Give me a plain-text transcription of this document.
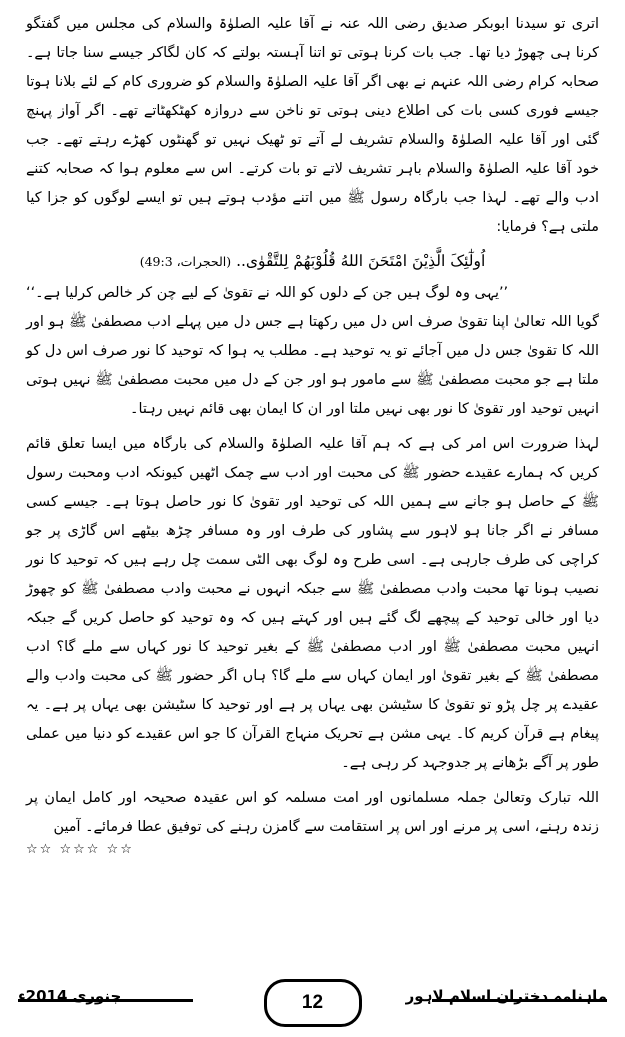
اتری تو سیدنا ابوبکر صدیق رضی اللہ عنہ نے آقا علیہ الصلوٰۃ والسلام کی مجلس میں گفتگو کرنا ہی چھوڑ دیا تھا۔ جب بات کرنا ہوتی تو اتنا آہستہ بولتے کہ کان لگاکر جیسے سنا جاتا ہے۔ صحابہ کرام رضی اللہ عنہم نے بھی اگر آقا علیہ الصلوٰۃ والسلام کو ضروری کام کے لئے بلانا ہوتا جیسے فوری کسی بات کی اطلاع دینی ہوتی تو ناخن سے دروازہ کھٹکھٹاتے تھے۔ اگر آواز پہنچ گئی اور آقا علیہ الصلوٰۃ والسلام تشریف لے آتے تو ٹھیک نہیں تو گھنٹوں کھڑے رہتے تھے۔ جب خود آقا علیہ الصلوٰۃ والسلام باہر تشریف لاتے تو بات کرتے۔ اس سے معلوم ہوا کہ صحابہ کتنے ادب والے تھے۔ لہذا جب بارگاہ رسول ﷺ میں اتنے مؤدب ہوتے ہیں تو ایسے لوگوں کو جزا کیا ملتی ہے؟ فرمایا:

اُولٰٓئِکَ الَّذِیْنَ امْتَحَنَ اللهُ قُلُوْبَهُمْ لِلتَّقْوٰی.. (الحجرات، 49:3)

’’یہی وہ لوگ ہیں جن کے دلوں کو اللہ نے تقویٰ کے لیے چن کر خالص کرلیا ہے۔‘‘

گویا اللہ تعالیٰ اپنا تقویٰ صرف اس دل میں رکھتا ہے جس دل میں پہلے ادب مصطفیٰ ﷺ ہو اور اللہ کا تقویٰ جس دل میں آجائے تو یہ توحید ہے۔ مطلب یہ ہوا کہ توحید کا نور صرف اس دل کو ملتا ہے جو محبت مصطفیٰ ﷺ سے مامور ہو اور جن کے دل میں محبت مصطفیٰ ﷺ نہیں ہوتی انہیں توحید اور تقویٰ کا نور بھی نہیں ملتا اور ان کا ایمان بھی قائم نہیں رہتا۔

لہذا ضرورت اس امر کی ہے کہ ہم آقا علیہ الصلوٰۃ والسلام کی بارگاہ میں ایسا تعلق قائم کریں کہ ہمارے عقیدے حضور ﷺ کی محبت اور ادب سے چمک اٹھیں کیونکہ ادب ومحبت رسول ﷺ کے حاصل ہو جانے سے ہمیں اللہ کی توحید اور تقویٰ کا نور حاصل ہوتا ہے۔ جیسے کسی مسافر نے اگر جانا ہو لاہور سے پشاور کی طرف اور وہ مسافر چڑھ بیٹھے اس گاڑی پر جو کراچی کی طرف جارہی ہے۔ اسی طرح وہ لوگ بھی الٹی سمت چل رہے ہیں کہ توحید کا نور نصیب ہونا تھا محبت وادب مصطفیٰ ﷺ سے جبکہ انہوں نے محبت وادب مصطفیٰ ﷺ کو چھوڑ دیا اور خالی توحید کے پیچھے لگ گئے ہیں اور کہتے ہیں کہ وہ توحید کو حاصل کریں گے جبکہ انہیں محبت مصطفیٰ ﷺ اور ادب مصطفیٰ ﷺ کے بغیر توحید کا نور کہاں سے ملے گا؟ ادب مصطفیٰ ﷺ کے بغیر تقویٰ اور ایمان کہاں سے ملے گا؟ ہاں اگر حضور ﷺ کی محبت وادب والے عقیدے پر چل پڑو تو تقویٰ کا سٹیشن بھی یہاں پر ہے اور توحید کا سٹیشن بھی یہاں پر ہے۔ یہ پیغام ہے قرآن کریم کا۔ یہی مشن ہے تحریک منہاج القرآن کا جو اس عقیدے کو دنیا میں عملی طور پر آگے بڑھانے پر جدوجہد کر رہی ہے۔

اللہ تبارک وتعالیٰ جملہ مسلمانوں اور امت مسلمہ کو اس عقیدہ صحیحہ اور کامل ایمان پر زندہ رہنے، اسی پر مرنے اور اس پر استقامت سے گامزن رہنے کی توفیق عطا فرمائے۔ آمین

☆☆ ☆☆☆ ☆☆
12
جنوری 2014ء	ماہنامہ دختران اسلام لاہور
